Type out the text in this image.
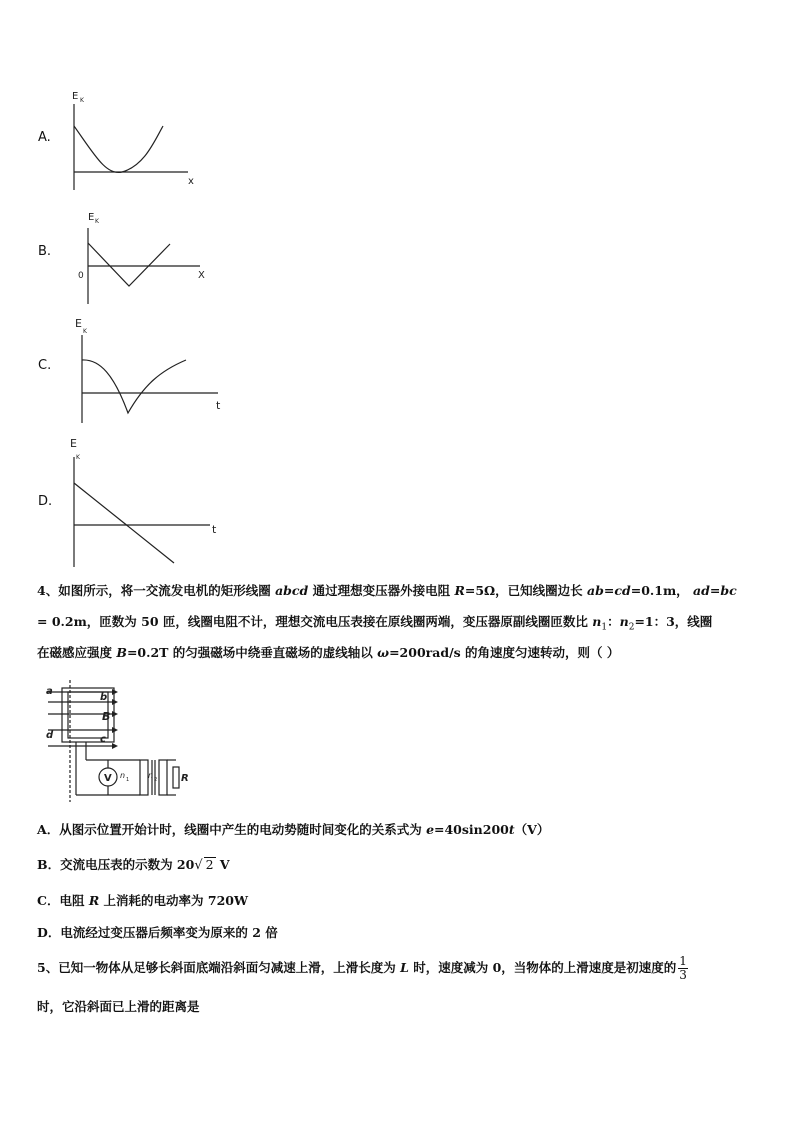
A.
E K
x
B.
E K
0	X
C.
E
K
t
D.
E
K
t
4、如图所示，将一交流发电机的矩形线圈 abcd 通过理想变压器外接电阻 R=5Ω，已知线圈边长 ab=cd=0.1m， ad=bc
= 0.2m，匝数为 50 匝，线圈电阻不计，理想交流电压表接在原线圈两端，变压器原副线圈匝数比 $n_1$：$n_2=1$：3，线圈
在磁感应强度 B=0.2T 的匀强磁场中绕垂直磁场的虚线轴以 ω=200rad/s 的角速度匀速转动，则（ ）
a
b
B
d	c
V n 1 n 2 R
A．从图示位置开始计时，线圈中产生的电动势随时间变化的关系式为 e=40sin200t（V）
B．交流电压表的示数为 20√ 2 V
C．电阻 R 上消耗的电动率为 720W
D．电流经过变压器后频率变为原来的 2 倍
5、已知一物体从足够长斜面底端沿斜面匀减速上滑，上滑长度为 L 时，速度减为 0，当物体的上滑速度是初速度的 $\frac{1}{3}$
时，它沿斜面已上滑的距离是
